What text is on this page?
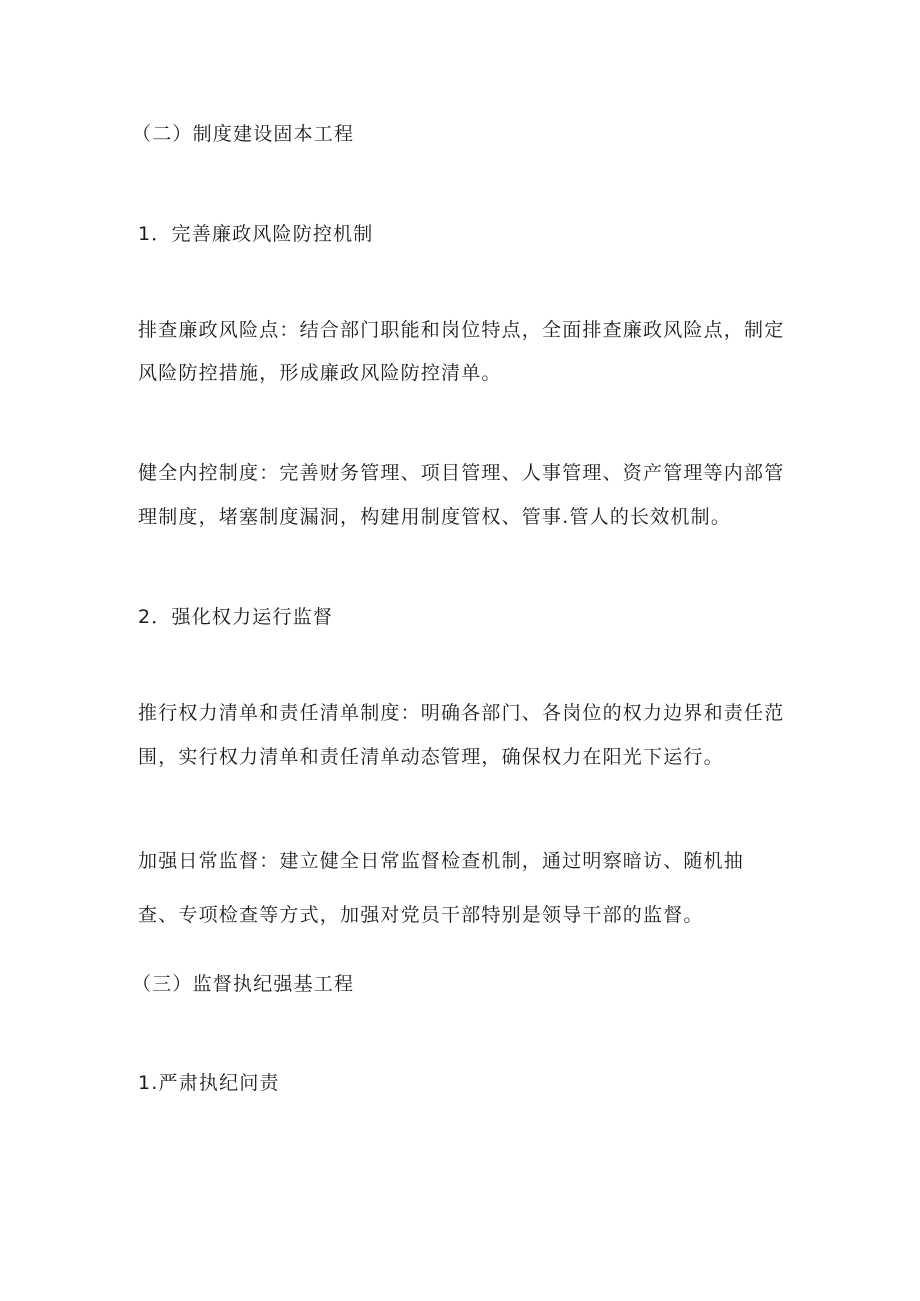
（二）制度建设固本工程
1．完善廉政风险防控机制
排查廉政风险点：结合部门职能和岗位特点，全面排查廉政风险点，制定
风险防控措施，形成廉政风险防控清单。
健全内控制度：完善财务管理、项目管理、人事管理、资产管理等内部管
理制度，堵塞制度漏洞，构建用制度管权、管事.管人的长效机制。
2．强化权力运行监督
推行权力清单和责任清单制度：明确各部门、各岗位的权力边界和责任范
围，实行权力清单和责任清单动态管理，确保权力在阳光下运行。
加强日常监督：建立健全日常监督检查机制，通过明察暗访、随机抽
查、专项检查等方式，加强对党员干部特别是领导干部的监督。
（三）监督执纪强基工程
1.严肃执纪问责
